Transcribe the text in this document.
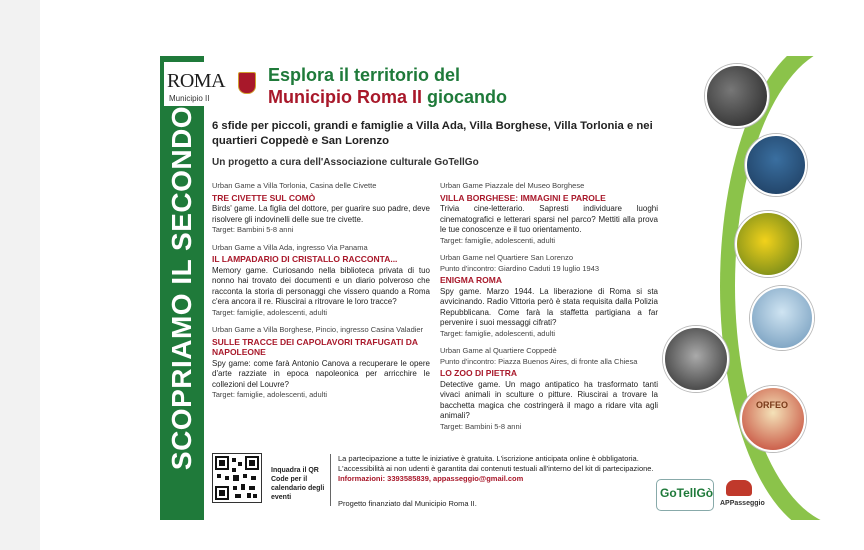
SCOPRIAMO IL SECONDO
ROMA
Municipio II
Esplora il territorio del
Municipio Roma II giocando
6 sfide per piccoli, grandi e famiglie a Villa Ada, Villa Borghese, Villa Torlonia e nei quartieri Coppedè e San Lorenzo
Un progetto a cura dell'Associazione culturale GoTellGo

Urban Game a Villa Torlonia, Casina delle Civette

TRE CIVETTE SUL COMÒ

Birds' game. La figlia del dottore, per guarire suo padre, deve risolvere gli indovinelli delle sue tre civette.

Target: Bambini 5-8 anni

Urban Game a Villa Ada, ingresso Via Panama

IL LAMPADARIO DI CRISTALLO RACCONTA...

Memory game. Curiosando nella biblioteca privata di tuo nonno hai trovato dei documenti e un diario polveroso che racconta la storia di personaggi che vissero quando a Roma c'era ancora il re. Riuscirai a ritrovare le loro tracce?

Target: famiglie, adolescenti, adulti

Urban Game a Villa Borghese, Pincio, ingresso Casina Valadier

SULLE TRACCE DEI CAPOLAVORI TRAFUGATI DA NAPOLEONE

Spy game: come farà Antonio Canova a recuperare le opere d'arte razziate in epoca napoleonica per arricchire le collezioni del Louvre?

Target: famiglie, adolescenti, adulti

Urban Game Piazzale del Museo Borghese

VILLA BORGHESE: IMMAGINI E PAROLE

Trivia cine-letterario. Sapresti individuare luoghi cinematografici e letterari sparsi nel parco? Mettiti alla prova le tue conoscenze e il tuo orientamento.

Target: famiglie, adolescenti, adulti

Urban Game nel Quartiere San Lorenzo

Punto d'incontro: Giardino Caduti 19 luglio 1943

ENIGMA ROMA

Spy game. Marzo 1944. La liberazione di Roma si sta avvicinando. Radio Vittoria però è stata requisita dalla Polizia Repubblicana. Come farà la staffetta partigiana a far pervenire i suoi messaggi cifrati?

Target: famiglie, adolescenti, adulti

Urban Game al Quartiere Coppedè

Punto d'incontro: Piazza Buenos Aires, di fronte alla Chiesa

LO ZOO DI PIETRA

Detective game. Un mago antipatico ha trasformato tanti vivaci animali in sculture o pitture. Riuscirai a trovare la bacchetta magica che costringerà il mago a ridare vita agli animali?

Target: Bambini 5-8 anni

ORFEO
Inquadra il QR Code per il calendario degli eventi
La partecipazione a tutte le iniziative è gratuita. L'iscrizione anticipata online è obbligatoria.
L'accessibilità ai non udenti è garantita dai contenuti testuali all'interno del kit di partecipazione.
Informazioni: 3393585839, appasseggio@gmail.com
Progetto finanziato dal Municipio Roma II.
GoTellGò
APPasseggio
